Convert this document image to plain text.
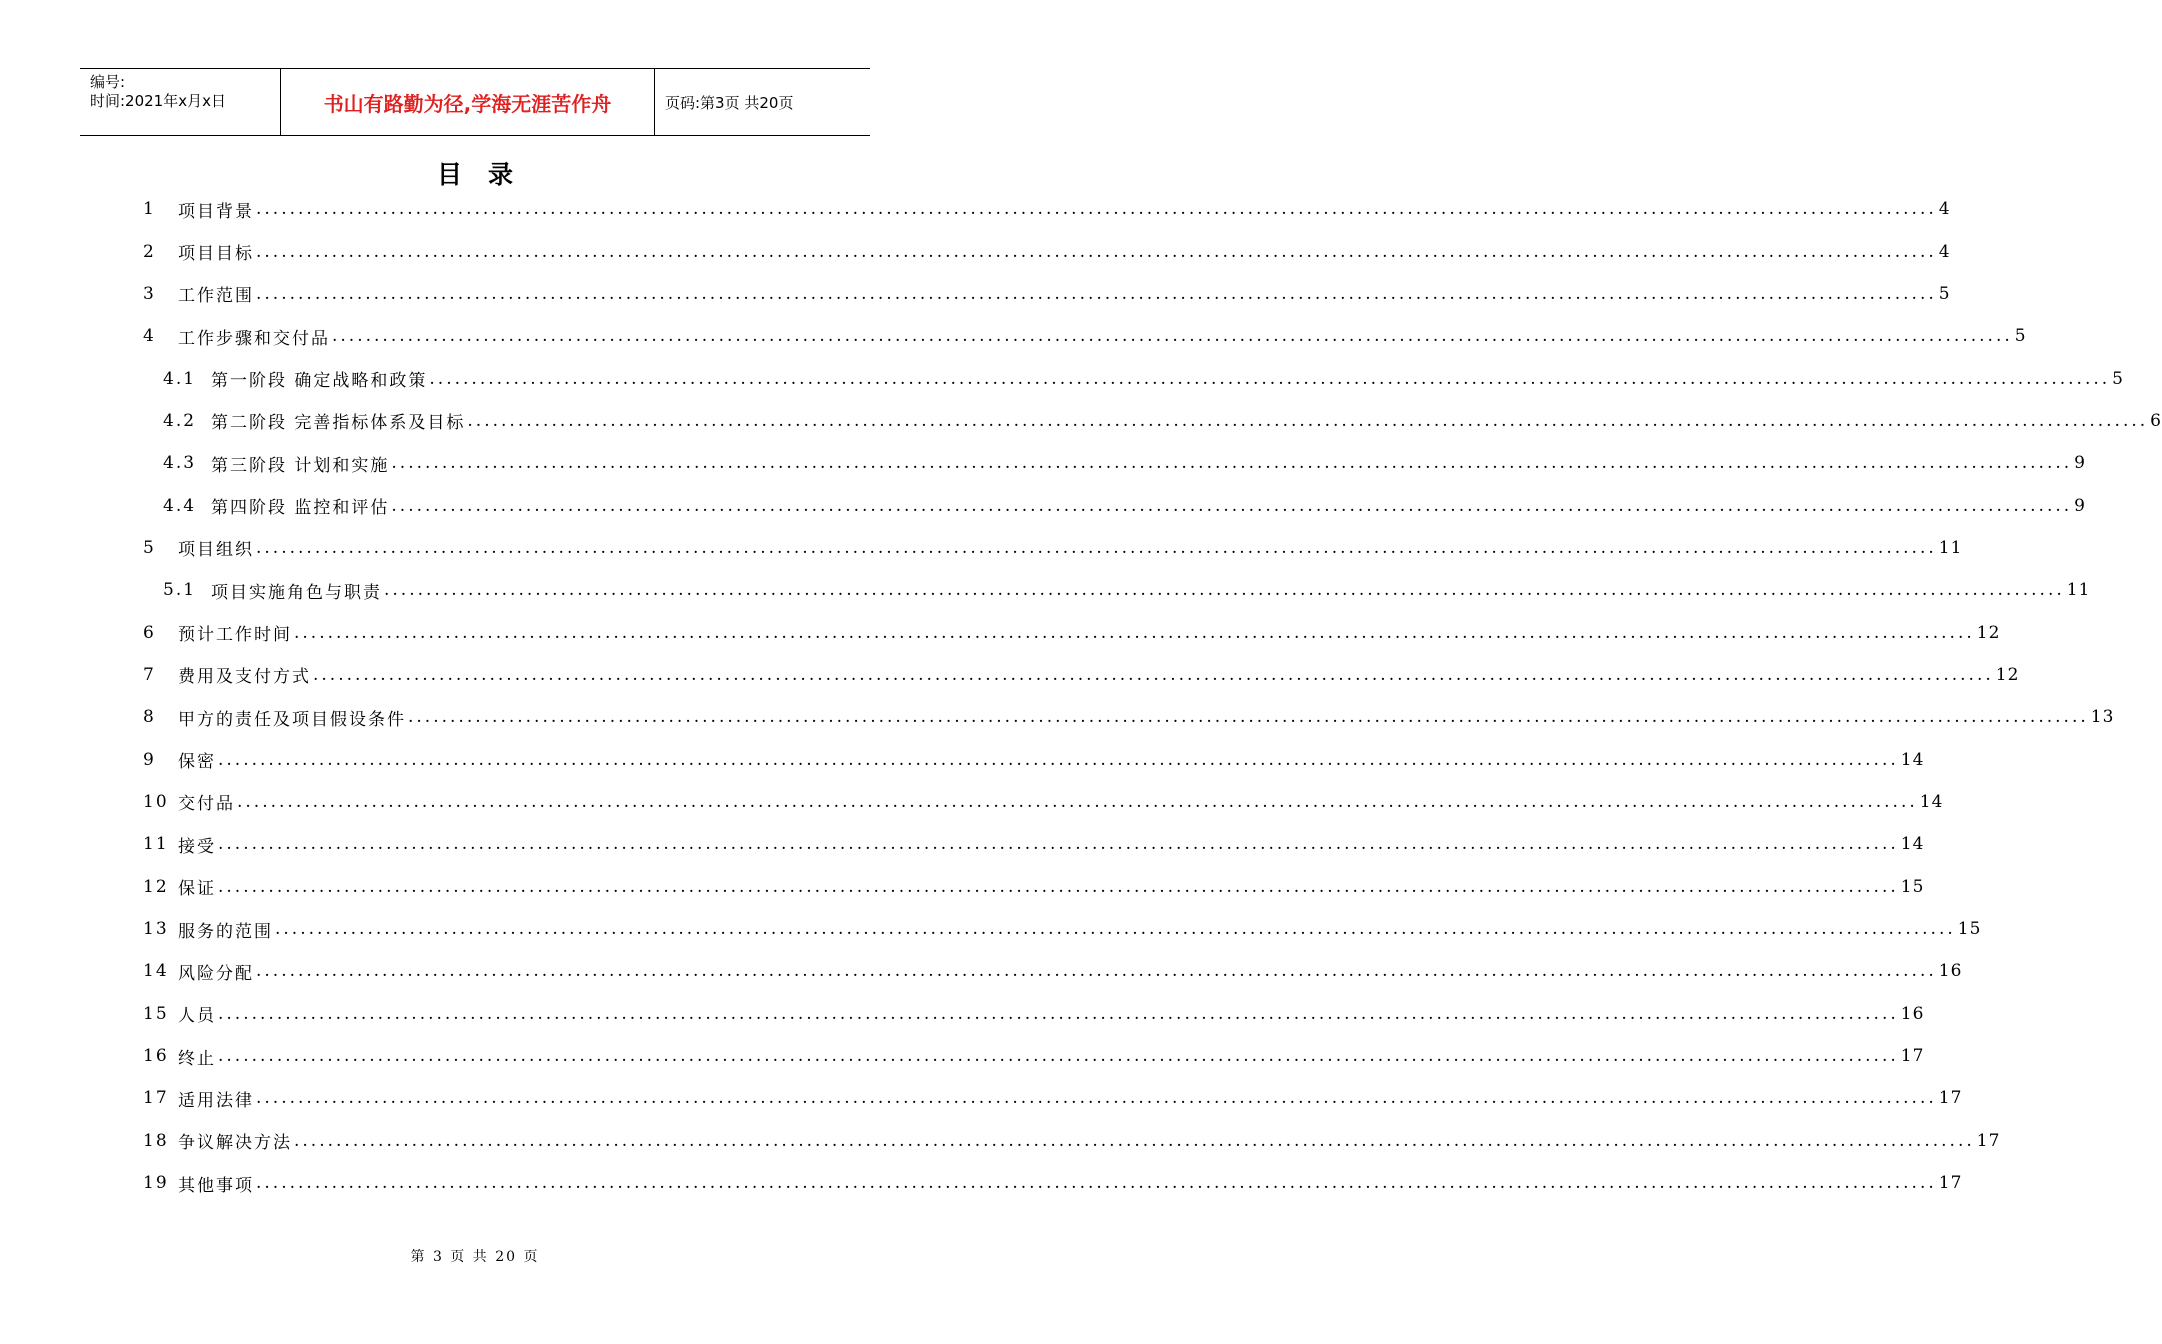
编号:
时间:2021年x月x日	书山有路勤为径,学海无涯苦作舟	页码:第3页 共20页
目录
1	项目背景 ........................................................................................................................................................................................................ 4
2	项目目标 ........................................................................................................................................................................................................ 4
3	工作范围 ........................................................................................................................................................................................................ 5
4	工作步骤和交付品 ........................................................................................................................................................................................................ 5
4.1 第一阶段 确定战略和政策 ........................................................................................................................................................................................................ 5
4.2 第二阶段 完善指标体系及目标 ........................................................................................................................................................................................................ 6
4.3 第三阶段 计划和实施 ........................................................................................................................................................................................................ 9
4.4 第四阶段 监控和评估 ........................................................................................................................................................................................................ 9
5	项目组织 ........................................................................................................................................................................................................ 11
5.1 项目实施角色与职责 ........................................................................................................................................................................................................ 11
6	预计工作时间 ........................................................................................................................................................................................................ 12
7	费用及支付方式 ........................................................................................................................................................................................................ 12
8	甲方的责任及项目假设条件 ........................................................................................................................................................................................................ 13
9	保密 ........................................................................................................................................................................................................ 14
10 交付品 ........................................................................................................................................................................................................ 14
11 接受 ........................................................................................................................................................................................................ 14
12 保证 ........................................................................................................................................................................................................ 15
13 服务的范围 ........................................................................................................................................................................................................ 15
14 风险分配 ........................................................................................................................................................................................................ 16
15 人员 ........................................................................................................................................................................................................ 16
16 终止 ........................................................................................................................................................................................................ 17
17 适用法律 ........................................................................................................................................................................................................ 17
18 争议解决方法 ........................................................................................................................................................................................................ 17
19 其他事项 ........................................................................................................................................................................................................ 17
第 3 页 共 20 页
